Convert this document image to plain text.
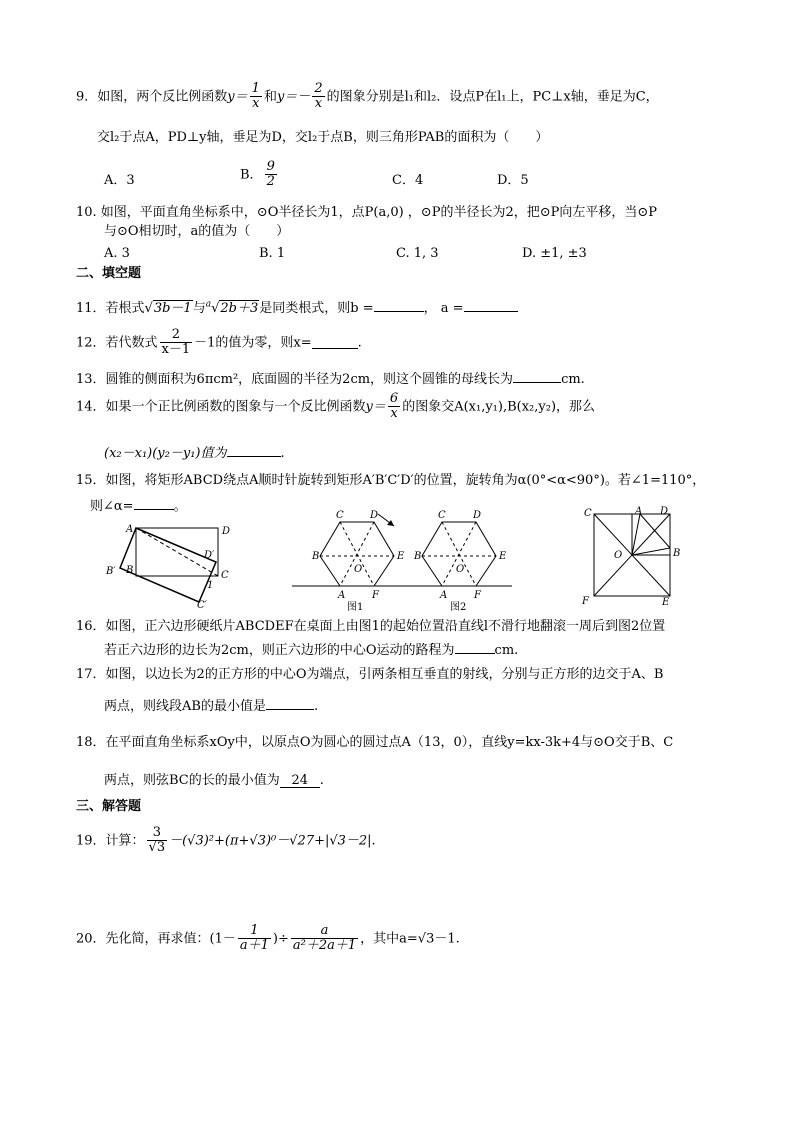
9．如图，两个反比例函数$y= \frac{1}{x}$ 和$y=- \frac{2}{x}$ 的图象分别是l₁和l₂．设点P在l₁上，PC⊥x轴，垂足为C，
交l₂于点A，PD⊥y轴，垂足为D，交l₂于点B，则三角形PAB的面积为（　　）
A．3	B． $\frac{9}{2}$	C．4	D．5
10. 如图，平面直角坐标系中，⊙O半径长为1，点P(a,0) ，⊙P的半径长为2，把⊙P向左平移，当⊙P
与⊙O相切时，a的值为（　　）
A. 3	B. 1	C. 1, 3	D. ±1, ±3
二、填空题
11．若根式√3b－1与$^a$√2b＋3是同类根式，则b =	， a =
12．若代数式 $\frac{2}{x-1} -1$的值为零，则x=	.
13．圆锥的侧面积为6πcm²，底面圆的半径为2cm，则这个圆锥的母线长为	cm.
14．如果一个正比例函数的图象与一个反比例函数$y= \frac{6}{x}$ 的图象交A(x₁,y₁),B(x₂,y₂)，那么
(x₂－x₁)(y₂－y₁)值为	.
15．如图，将矩形ABCD绕点A顺时针旋转到矩形A′B′C′D′的位置，旋转角为α(0°<α<90°)。若∠1=110°，
则∠α=	。
A	D
D′
B′ B	C
C′
1
C	D
B	E
O
A	F
C	D
B	E
O
A	F
图1	图2
C	A D
O	B
F	E
16．如图，正六边形硬纸片ABCDEF在桌面上由图1的起始位置沿直线l不滑行地翻滚一周后到图2位置
若正六边形的边长为2cm，则正六边形的中心O运动的路程为	cm.
17．如图，以边长为2的正方形的中心O为端点，引两条相互垂直的射线，分别与正方形的边交于A、B
两点，则线段AB的最小值是	.
18．在平面直角坐标系xOy中，以原点O为圆心的圆过点A（13，0），直线y=kx-3k+4与⊙O交于B、C
两点，则弦BC的长的最小值为 24 .
三、解答题
19．计算： $\frac{3}{√3} -(√3)^2+(\pi+√3)^0-√27+|√3-2|$.
20．先化简，再求值：($1- \frac{1}{a+1}$ )÷ $\frac{a}{\text{a²＋2a＋1}}$ ，其中a=√3－1.
